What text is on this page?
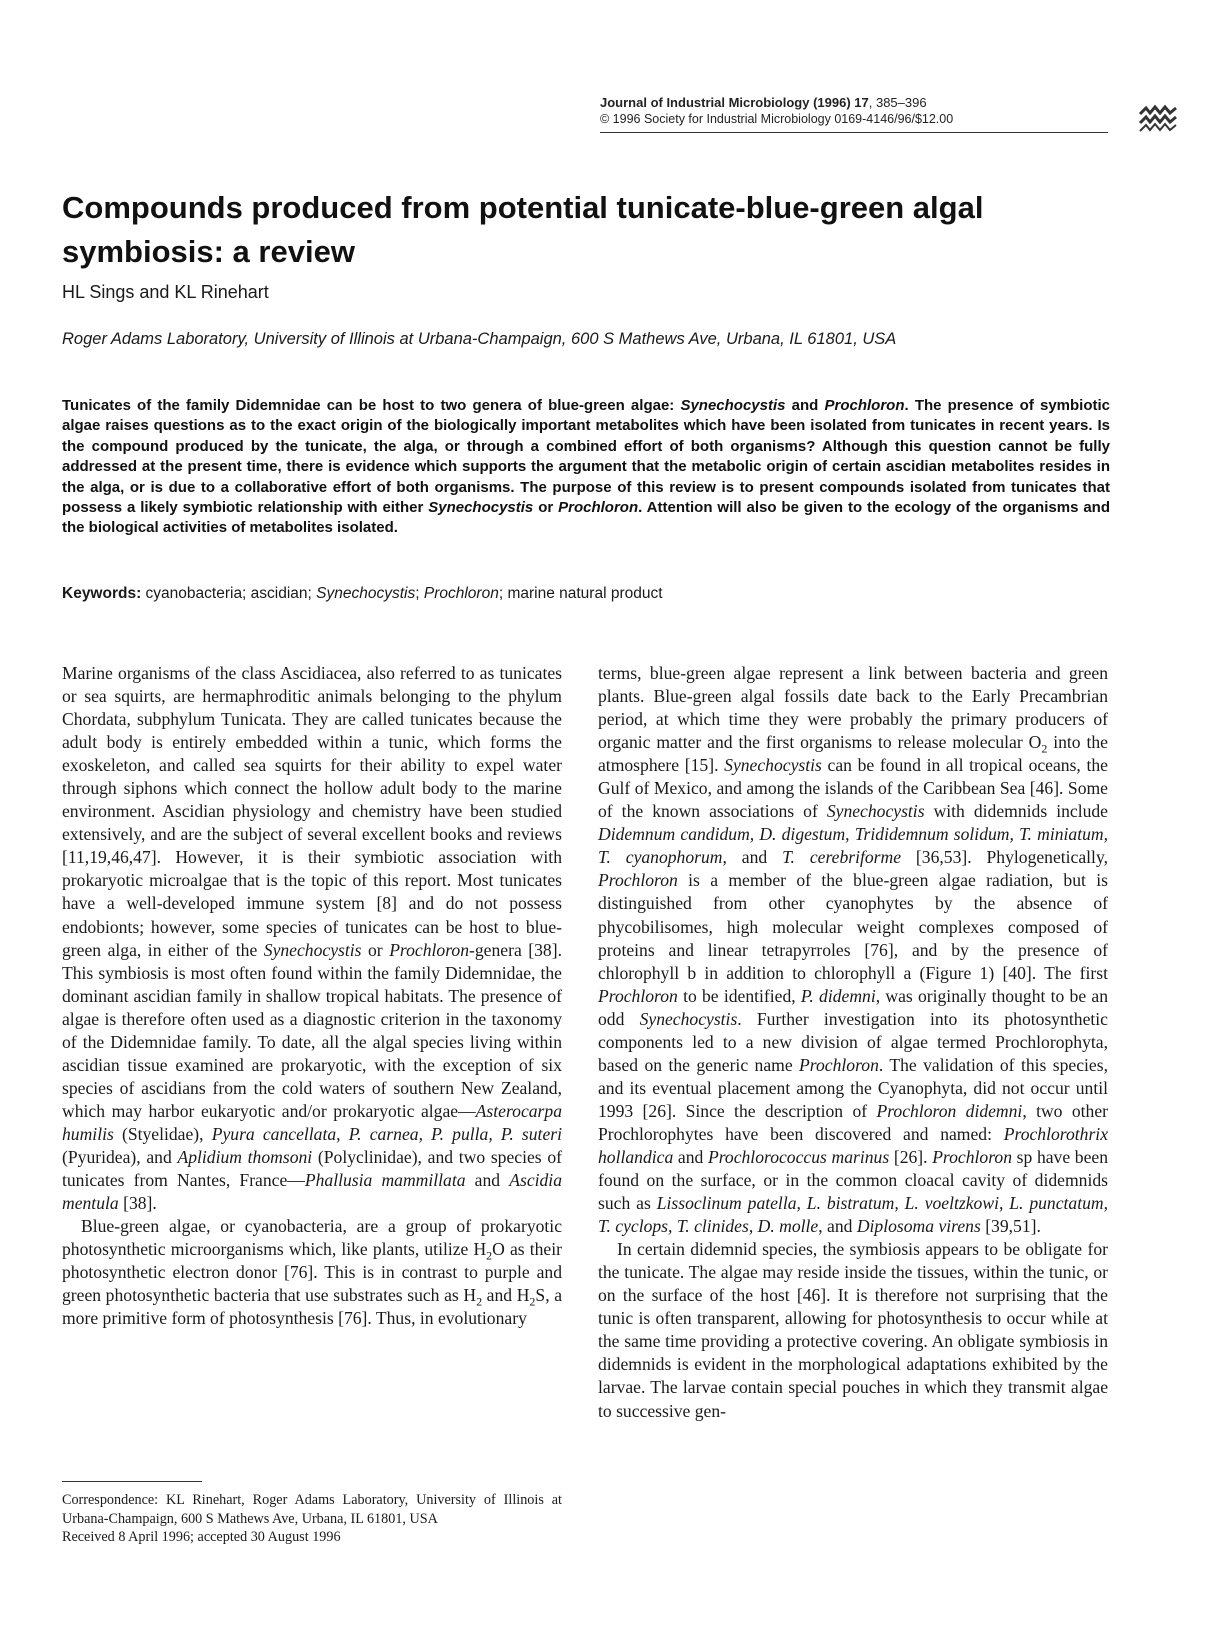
Journal of Industrial Microbiology (1996) 17, 385–396
© 1996 Society for Industrial Microbiology 0169-4146/96/$12.00
Compounds produced from potential tunicate-blue-green algal symbiosis: a review
HL Sings and KL Rinehart
Roger Adams Laboratory, University of Illinois at Urbana-Champaign, 600 S Mathews Ave, Urbana, IL 61801, USA

Tunicates of the family Didemnidae can be host to two genera of blue-green algae: Synechocystis and Prochloron. The presence of symbiotic algae raises questions as to the exact origin of the biologically important metabolites which have been isolated from tunicates in recent years. Is the compound produced by the tunicate, the alga, or through a combined effort of both organisms? Although this question cannot be fully addressed at the present time, there is evidence which supports the argument that the metabolic origin of certain ascidian metabolites resides in the alga, or is due to a collaborative effort of both organisms. The purpose of this review is to present compounds isolated from tunicates that possess a likely symbiotic relationship with either Synechocystis or Prochloron. Attention will also be given to the ecology of the organisms and the biological activities of metabolites isolated.

Keywords: cyanobacteria; ascidian; Synechocystis; Prochloron; marine natural product

Marine organisms of the class Ascidiacea, also referred to as tunicates or sea squirts, are hermaphroditic animals belonging to the phylum Chordata, subphylum Tunicata. They are called tunicates because the adult body is entirely embedded within a tunic, which forms the exoskeleton, and called sea squirts for their ability to expel water through siphons which connect the hollow adult body to the marine environment. Ascidian physiology and chemistry have been studied extensively, and are the subject of several excellent books and reviews [11,19,46,47]. However, it is their symbiotic association with prokaryotic microalgae that is the topic of this report. Most tunicates have a well-developed immune system [8] and do not possess endobionts; however, some species of tunicates can be host to blue-green alga, in either of the Synechocystis or Prochloron-genera [38]. This symbiosis is most often found within the family Didemnidae, the dominant ascidian family in shallow tropical habitats. The presence of algae is therefore often used as a diagnostic criterion in the taxonomy of the Didemnidae family. To date, all the algal species living within ascidian tissue examined are prokaryotic, with the exception of six species of ascidians from the cold waters of southern New Zealand, which may harbor eukaryotic and/or prokaryotic algae—Asterocarpa humilis (Styelidae), Pyura cancellata, P. carnea, P. pulla, P. suteri (Pyuridea), and Aplidium thomsoni (Polyclinidae), and two species of tunicates from Nantes, France—Phallusia mammillata and Ascidia mentula [38].

Blue-green algae, or cyanobacteria, are a group of prokaryotic photosynthetic microorganisms which, like plants, utilize $H_2O$ as their photosynthetic electron donor [76]. This is in contrast to purple and green photosynthetic bacteria that use substrates such as $H_2$ and $H_2S$, a more primitive form of photosynthesis [76]. Thus, in evolutionary

terms, blue-green algae represent a link between bacteria and green plants. Blue-green algal fossils date back to the Early Precambrian period, at which time they were probably the primary producers of organic matter and the first organisms to release molecular $O_2$ into the atmosphere [15]. Synechocystis can be found in all tropical oceans, the Gulf of Mexico, and among the islands of the Caribbean Sea [46]. Some of the known associations of Synechocystis with didemnids include Didemnum candidum, D. digestum, Trididemnum solidum, T. miniatum, T. cyanophorum, and T. cerebriforme [36,53]. Phylogenetically, Prochloron is a member of the blue-green algae radiation, but is distinguished from other cyanophytes by the absence of phycobilisomes, high molecular weight complexes composed of proteins and linear tetrapyrroles [76], and by the presence of chlorophyll b in addition to chlorophyll a (Figure 1) [40]. The first Prochloron to be identified, P. didemni, was originally thought to be an odd Synechocystis. Further investigation into its photosynthetic components led to a new division of algae termed Prochlorophyta, based on the generic name Prochloron. The validation of this species, and its eventual placement among the Cyanophyta, did not occur until 1993 [26]. Since the description of Prochloron didemni, two other Prochlorophytes have been discovered and named: Prochlorothrix hollandica and Prochlorococcus marinus [26]. Prochloron sp have been found on the surface, or in the common cloacal cavity of didemnids such as Lissoclinum patella, L. bistratum, L. voeltzkowi, L. punctatum, T. cyclops, T. clinides, D. molle, and Diplosoma virens [39,51].

In certain didemnid species, the symbiosis appears to be obligate for the tunicate. The algae may reside inside the tissues, within the tunic, or on the surface of the host [46]. It is therefore not surprising that the tunic is often transparent, allowing for photosynthesis to occur while at the same time providing a protective covering. An obligate symbiosis in didemnids is evident in the morphological adaptations exhibited by the larvae. The larvae contain special pouches in which they transmit algae to successive gen-

Correspondence: KL Rinehart, Roger Adams Laboratory, University of Illinois at Urbana-Champaign, 600 S Mathews Ave, Urbana, IL 61801, USA

Received 8 April 1996; accepted 30 August 1996
